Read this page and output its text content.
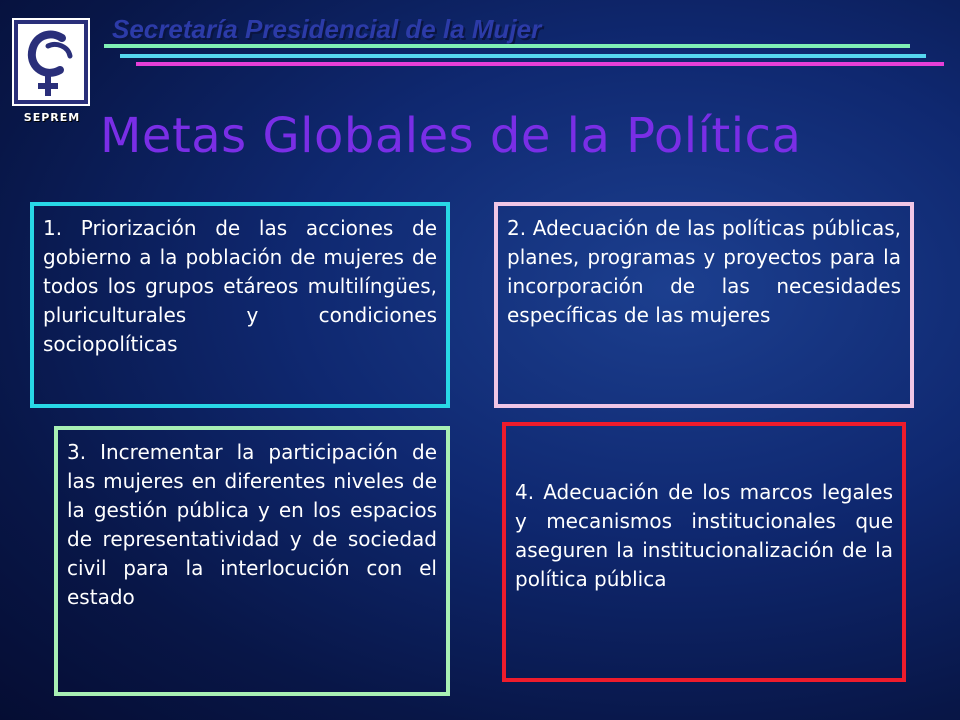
SEPREM
Secretaría Presidencial de la Mujer
Metas Globales de la Política
1. Priorización de las acciones de gobierno a la población de mujeres de todos los grupos etáreos multilíngües, pluriculturales y condiciones sociopolíticas
2. Adecuación de las políticas públicas, planes, programas y proyectos para la incorporación de las necesidades específicas de las mujeres
3. Incrementar la participación de las mujeres en diferentes niveles de la gestión pública y en los espacios de representatividad y de sociedad civil para la interlocución con el estado
4. Adecuación de los marcos legales y mecanismos institucionales que aseguren la institucionalización de la política pública
